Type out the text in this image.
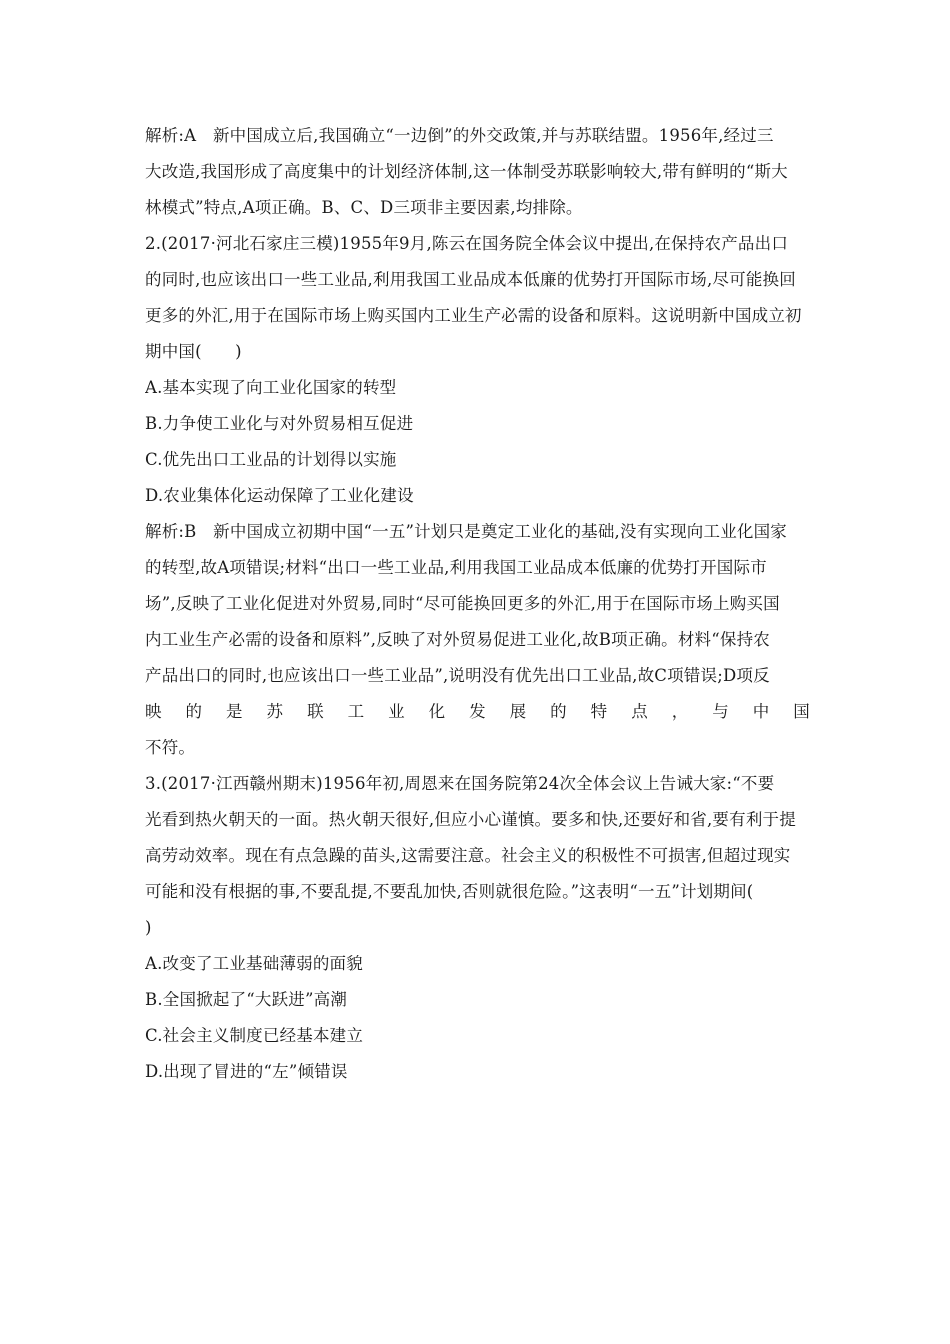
解析:A　新中国成立后,我国确立“一边倒”的外交政策,并与苏联结盟。1956年,经过三
大改造,我国形成了高度集中的计划经济体制,这一体制受苏联影响较大,带有鲜明的“斯大
林模式”特点,A项正确。B、C、D三项非主要因素,均排除。
2.(2017·河北石家庄三模)1955年9月,陈云在国务院全体会议中提出,在保持农产品出口
的同时,也应该出口一些工业品,利用我国工业品成本低廉的优势打开国际市场,尽可能换回
更多的外汇,用于在国际市场上购买国内工业生产必需的设备和原料。这说明新中国成立初
期中国(　　)
A.基本实现了向工业化国家的转型
B.力争使工业化与对外贸易相互促进
C.优先出口工业品的计划得以实施
D.农业集体化运动保障了工业化建设
解析:B　新中国成立初期中国“一五”计划只是奠定工业化的基础,没有实现向工业化国家
的转型,故A项错误;材料“出口一些工业品,利用我国工业品成本低廉的优势打开国际市
场”,反映了工业化促进对外贸易,同时“尽可能换回更多的外汇,用于在国际市场上购买国
内工业生产必需的设备和原料”,反映了对外贸易促进工业化,故B项正确。材料“保持农
产品出口的同时,也应该出口一些工业品”,说明没有优先出口工业品,故C项错误;D项反
映 的 是 苏 联 工 业 化 发 展 的 特 点 ， 与 中 国
不符。
3.(2017·江西赣州期末)1956年初,周恩来在国务院第24次全体会议上告诫大家:“不要
光看到热火朝天的一面。热火朝天很好,但应小心谨慎。要多和快,还要好和省,要有利于提
高劳动效率。现在有点急躁的苗头,这需要注意。社会主义的积极性不可损害,但超过现实
可能和没有根据的事,不要乱提,不要乱加快,否则就很危险。”这表明“一五”计划期间(
)
A.改变了工业基础薄弱的面貌
B.全国掀起了“大跃进”高潮
C.社会主义制度已经基本建立
D.出现了冒进的“左”倾错误
